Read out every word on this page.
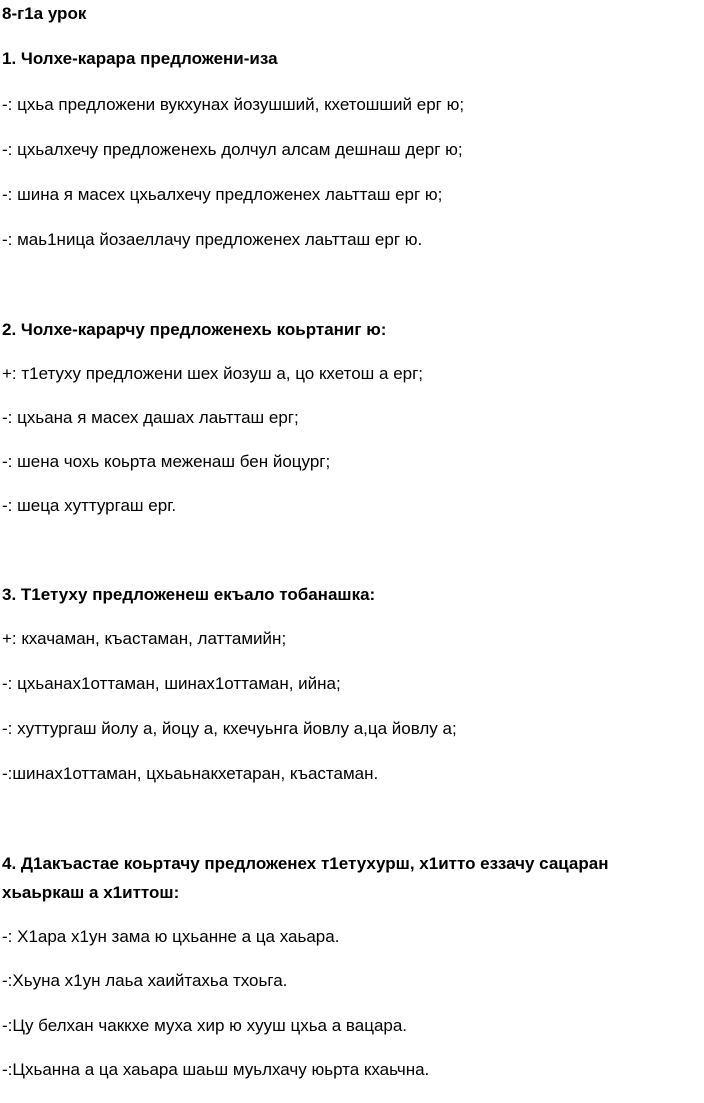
8-г1а урок
1. Чолхе-карара предложени-иза
-: цхьа предложени вукхунах йозушший, кхетошший ерг ю;
-: цхьалхечу предложенехь долчул алсам дешнаш дерг ю;
-: шина я масех цхьалхечу предложенех лаьтташ ерг ю;
-: маь1ница йозаеллачу предложенех лаьтташ ерг ю.
2. Чолхе-карарчу предложенехь коьртаниг ю:
+: т1етуху предложени шех йозуш а, цо кхетош а ерг;
-: цхьана я масех дашах лаьтташ ерг;
-: шена чохь коьрта меженаш бен йоцург;
-: шеца хуттургаш ерг.
3. Т1етуху предложенеш екъало тобанашка:
+: кхачаман, къастаман, латтамийн;
-: цхьанах1оттаман, шинах1оттаман, ийна;
-: хуттургаш йолу а, йоцу а, кхечуьнга йовлу а,ца йовлу а;
-:шинах1оттаман, цхьаьнакхетаран, къастаман.
4. Д1акъастае коьртачу предложенех т1етухурш, х1итто еззачу сацаран хьаьркаш а х1иттош:
-: Х1ара х1ун зама ю цхьанне а ца хаьара.
-:Хьуна х1ун лаьа хаийтахьа тхоьга.
-:Цу белхан чаккхе муха хир ю хууш цхьа а вацара.
-:Цхьанна а ца хаьара шаьш муьлхачу юьрта кхаьчна.
